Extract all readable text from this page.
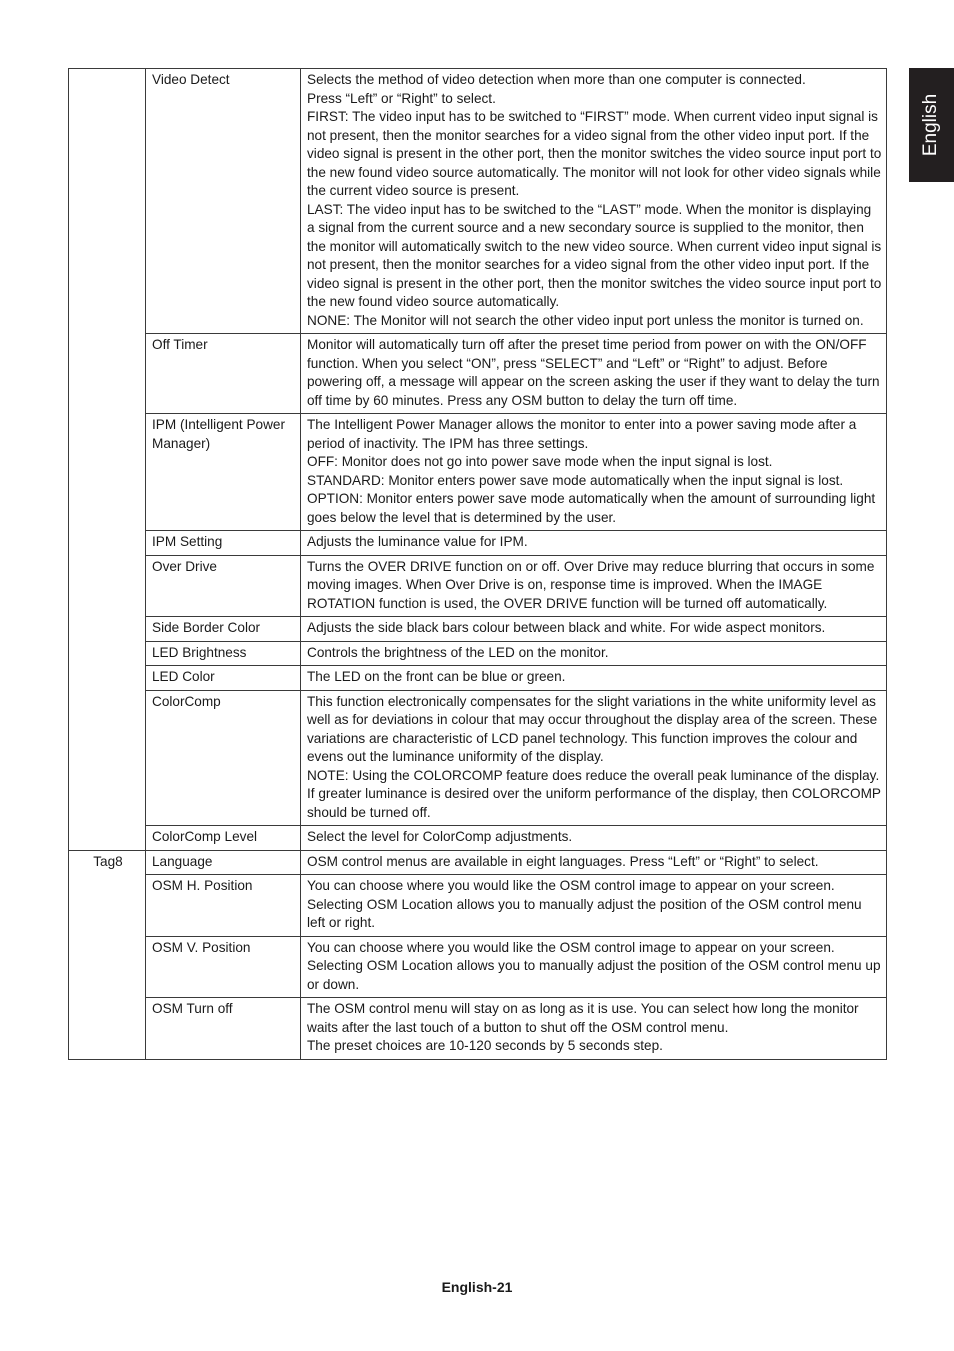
English
	Video Detect	Selects the method of video detection when more than one computer is connected.
Press “Left” or “Right” to select.
FIRST: The video input has to be switched to “FIRST” mode. When current video input signal is not present, then the monitor searches for a video signal from the other video input port. If the video signal is present in the other port, then the monitor switches the video source input port to the new found video source automatically. The monitor will not look for other video signals while the current video source is present.
LAST: The video input has to be switched to the “LAST” mode. When the monitor is displaying a signal from the current source and a new secondary source is supplied to the monitor, then the monitor will automatically switch to the new video source. When current video input signal is not present, then the monitor searches for a video signal from the other video input port. If the video signal is present in the other port, then the monitor switches the video source input port to the new found video source automatically.
NONE: The Monitor will not search the other video input port unless the monitor is turned on.

	Off Timer	Monitor will automatically turn off after the preset time period from power on with the ON/OFF function. When you select “ON”, press “SELECT” and “Left” or “Right” to adjust. Before powering off, a message will appear on the screen asking the user if they want to delay the turn off time by 60 minutes. Press any OSM button to delay the turn off time.

	IPM (Intelligent Power Manager)	The Intelligent Power Manager allows the monitor to enter into a power saving mode after a period of inactivity. The IPM has three settings.
OFF: Monitor does not go into power save mode when the input signal is lost.
STANDARD: Monitor enters power save mode automatically when the input signal is lost.
OPTION: Monitor enters power save mode automatically when the amount of surrounding light goes below the level that is determined by the user.

	IPM Setting	Adjusts the luminance value for IPM.

	Over Drive	Turns the OVER DRIVE function on or off. Over Drive may reduce blurring that occurs in some moving images. When Over Drive is on, response time is improved. When the IMAGE ROTATION function is used, the OVER DRIVE function will be turned off automatically.

	Side Border Color	Adjusts the side black bars colour between black and white. For wide aspect monitors.

	LED Brightness	Controls the brightness of the LED on the monitor.

	LED Color	The LED on the front can be blue or green.

	ColorComp	This function electronically compensates for the slight variations in the white uniformity level as well as for deviations in colour that may occur throughout the display area of the screen. These variations are characteristic of LCD panel technology. This function improves the colour and evens out the luminance uniformity of the display.
NOTE: Using the COLORCOMP feature does reduce the overall peak luminance of the display. If greater luminance is desired over the uniform performance of the display, then COLORCOMP should be turned off.

	ColorComp Level	Select the level for ColorComp adjustments.

Tag8	Language	OSM control menus are available in eight languages. Press “Left” or “Right” to select.

	OSM H. Position	You can choose where you would like the OSM control image to appear on your screen. Selecting OSM Location allows you to manually adjust the position of the OSM control menu left or right.

	OSM V. Position	You can choose where you would like the OSM control image to appear on your screen. Selecting OSM Location allows you to manually adjust the position of the OSM control menu up or down.

	OSM Turn off	The OSM control menu will stay on as long as it is use. You can select how long the monitor waits after the last touch of a button to shut off the OSM control menu.
The preset choices are 10-120 seconds by 5 seconds step.
English-21
